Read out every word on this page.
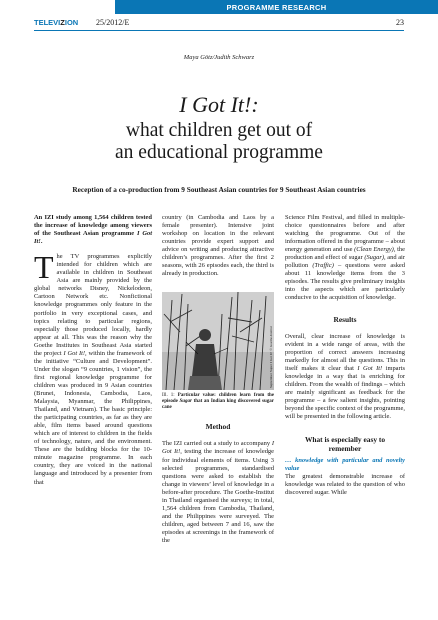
PROGRAMME RESEARCH
TELEVIZION 25/2012/E	23
Maya Götz/Judith Schwarz
I Got It!:
what children get out of
an educational programme
Reception of a co-production from 9 Southeast Asian countries for 9 Southeast Asian countries

An IZI study among 1,564 children tested the increase of knowledge among viewers of the Southeast Asian programme I Got It!.

The TV programmes explicitly intended for children which are available in children in Southeast Asia are mainly provided by the global networks Disney, Nickelodeon, Cartoon Network etc. Nonfictional knowledge programmes only feature in the portfolio in very exceptional cases, and topics relating to particular regions, especially those produced locally, hardly appear at all. This was the reason why the Goethe Institutes in Southeast Asia started the project I Got It!, within the framework of the initiative “Culture and Development”. Under the slogan “9 countries, 1 vision”, the first regional knowledge programme for children was produced in 9 Asian countries (Brunei, Indonesia, Cambodia, Laos, Malaysia, Myanmar, the Philippines, Thailand, and Vietnam). The basic principle: the participating countries, as far as they are able, film items based around questions which are of interest to children in the fields of technology, nature, and the environment. These are the building blocks for the 10-minute magazine programme. In each country, they are voiced in the national language and introduced by a presenter from that

country (in Cambodia and Laos by a female presenter). Intensive joint workshop on location in the relevant countries provide expert support and advice on writing and producing attractive children’s programmes. After the first 2 seasons, with 26 episodes each, the third is already in production.

September Super I Got It! © Goethe-Institut

Ill. 1: Particular value: children learn from the episode Sugar that an Indian king discovered sugar cane

Method

The IZI carried out a study to accompany I Got It!, testing the increase of knowledge for individual elements of items. Using 3 selected programmes, standardised questions were asked to establish the change in viewers’ level of knowledge in a before-after procedure. The Goethe-Institut in Thailand organised the surveys; in total, 1,564 children from Cambodia, Thailand, and the Philippines were surveyed. The children, aged between 7 and 16, saw the episodes at screenings in the framework of the

Science Film Festival, and filled in multiple-choice questionnaires before and after watching the programme. Out of the information offered in the programme – about energy generation and use (Clean Energy), the production and effect of sugar (Sugar), and air pollution (Traffic) – questions were asked about 11 knowledge items from the 3 episodes. The results give preliminary insights into the aspects which are particularly conducive to the acquisition of knowledge.

Results

Overall, clear increase of knowledge is evident in a wide range of areas, with the proportion of correct answers increasing markedly for almost all the questions. This in itself makes it clear that I Got It! imparts knowledge in a way that is enriching for children. From the wealth of findings – which are mainly significant as feedback for the programme – a few salient insights, pointing beyond the specific context of the programme, will be presented in the following article.

What is especially easy to
remember

… knowledge with particular and novelty value

The greatest demonstrable increase of knowledge was related to the question of who discovered sugar. While
